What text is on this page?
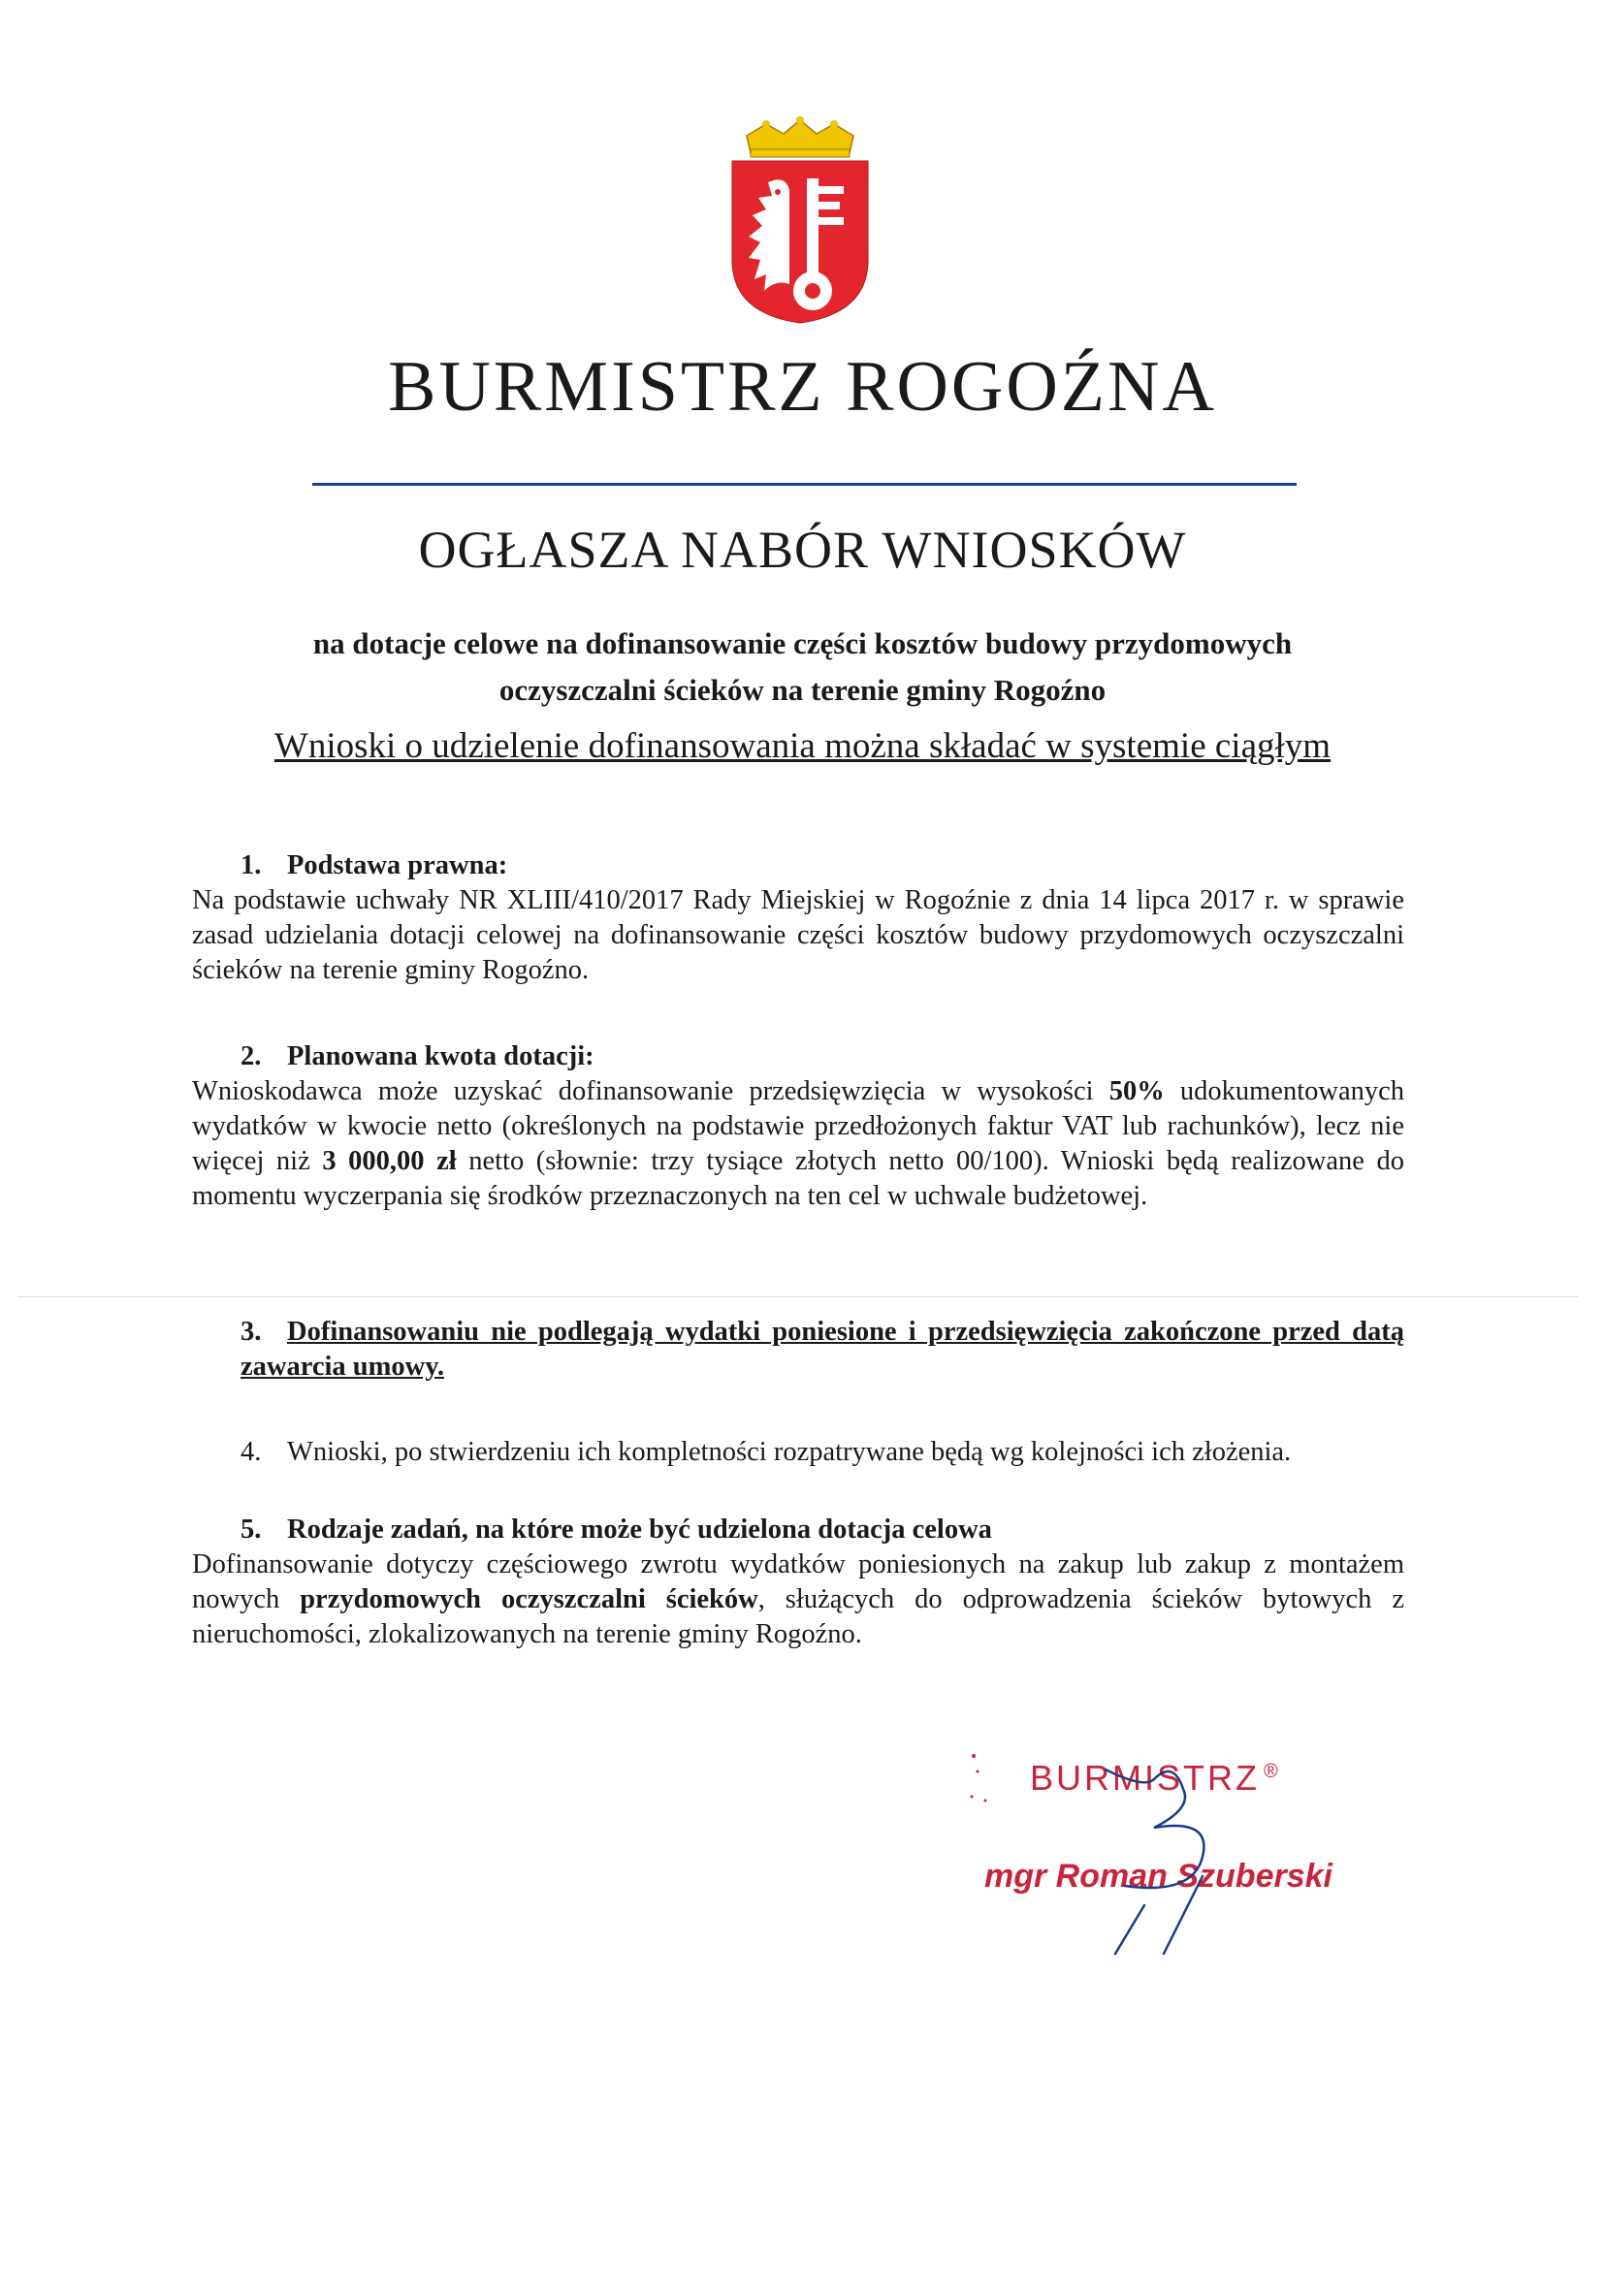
BURMISTRZ ROGOŹNA
OGŁASZA NABÓR WNIOSKÓW
na dotacje celowe na dofinansowanie części kosztów budowy przydomowych
oczyszczalni ścieków na terenie gminy Rogoźno
Wnioski o udzielenie dofinansowania można składać w systemie ciągłym
1. Podstawa prawna:
Na podstawie uchwały NR XLIII/410/2017 Rady Miejskiej w Rogoźnie z dnia 14 lipca 2017 r. w sprawie zasad udzielania dotacji celowej na dofinansowanie części kosztów budowy przydomowych oczyszczalni ścieków na terenie gminy Rogoźno.
2. Planowana kwota dotacji:
Wnioskodawca może uzyskać dofinansowanie przedsięwzięcia w wysokości 50% udokumentowanych wydatków w kwocie netto (określonych na podstawie przedłożonych faktur VAT lub rachunków), lecz nie więcej niż 3 000,00 zł netto (słownie: trzy tysiące złotych netto 00/100). Wnioski będą realizowane do momentu wyczerpania się środków przeznaczonych na ten cel w uchwale budżetowej.
3. Dofinansowaniu nie podlegają wydatki poniesione i przedsięwzięcia zakończone przed datą zawarcia umowy.
4. Wnioski, po stwierdzeniu ich kompletności rozpatrywane będą wg kolejności ich złożenia.
5. Rodzaje zadań, na które może być udzielona dotacja celowa
Dofinansowanie dotyczy częściowego zwrotu wydatków poniesionych na zakup lub zakup z montażem nowych przydomowych oczyszczalni ścieków, służących do odprowadzenia ścieków bytowych z nieruchomości, zlokalizowanych na terenie gminy Rogoźno.
BURMISTRZ ®
mgr Roman Szuberski
